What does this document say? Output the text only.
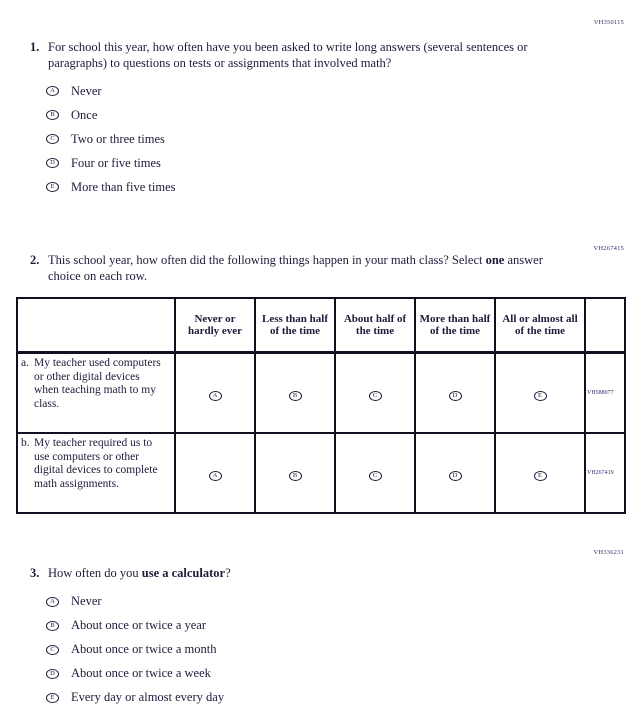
VH350115
1. For school this year, how often have you been asked to write long answers (several sentences or paragraphs) to questions on tests or assignments that involved math?

A	Never
B	Once
C	Two or three times
D	Four or five times
E	More than five times
VH267415
2. This school year, how often did the following things happen in your math class? Select one answer choice on each row.

	Never or hardly ever	Less than half of the time	About half of the time	More than half of the time	All or almost all of the time	

a. My teacher used computers or other digital devices when teaching math to my class.	A	B	C	D	E	VH588077

b. My teacher required us to use computers or other digital devices to complete math assignments.	A	B	C	D	E	VH267419
VH336231
3. How often do you use a calculator?

A	Never
B	About once or twice a year
C	About once or twice a month
D	About once or twice a week
E	Every day or almost every day
